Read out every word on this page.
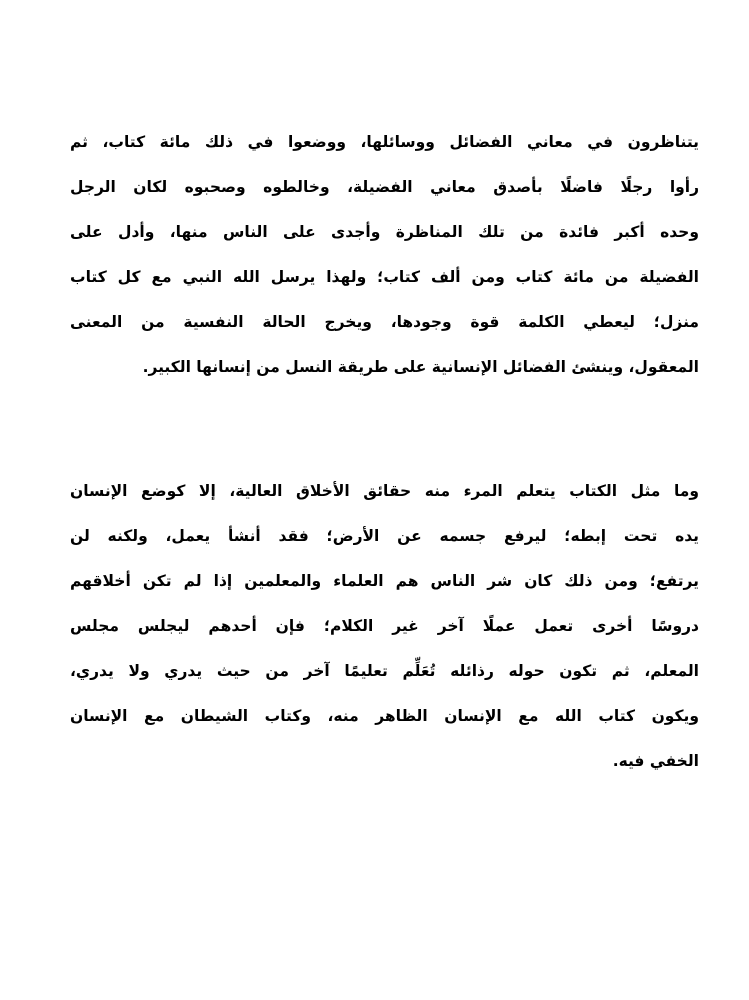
يتناظرون في معاني الفضائل ووسائلها، ووضعوا في ذلك مائة كتاب، ثم
رأوا رجلًا فاضلًا بأصدق معاني الفضيلة، وخالطوه وصحبوه لكان الرجل
وحده أكبر فائدة من تلك المناظرة وأجدى على الناس منها، وأدل على
الفضيلة من مائة كتاب ومن ألف كتاب؛ ولهذا يرسل الله النبي مع كل كتاب
منزل؛ ليعطي الكلمة قوة وجودها، ويخرج الحالة النفسية من المعنى
المعقول، وينشئ الفضائل الإنسانية على طريقة النسل من إنسانها الكبير.
وما مثل الكتاب يتعلم المرء منه حقائق الأخلاق العالية، إلا كوضع الإنسان
يده تحت إبطه؛ ليرفع جسمه عن الأرض؛ فقد أنشأ يعمل، ولكنه لن
يرتفع؛ ومن ذلك كان شر الناس هم العلماء والمعلمين إذا لم تكن أخلاقهم
دروسًا أخرى تعمل عملًا آخر غير الكلام؛ فإن أحدهم ليجلس مجلس
المعلم، ثم تكون حوله رذائله تُعَلِّم تعليمًا آخر من حيث يدري ولا يدري،
ويكون كتاب الله مع الإنسان الظاهر منه، وكتاب الشيطان مع الإنسان
الخفي فيه.
